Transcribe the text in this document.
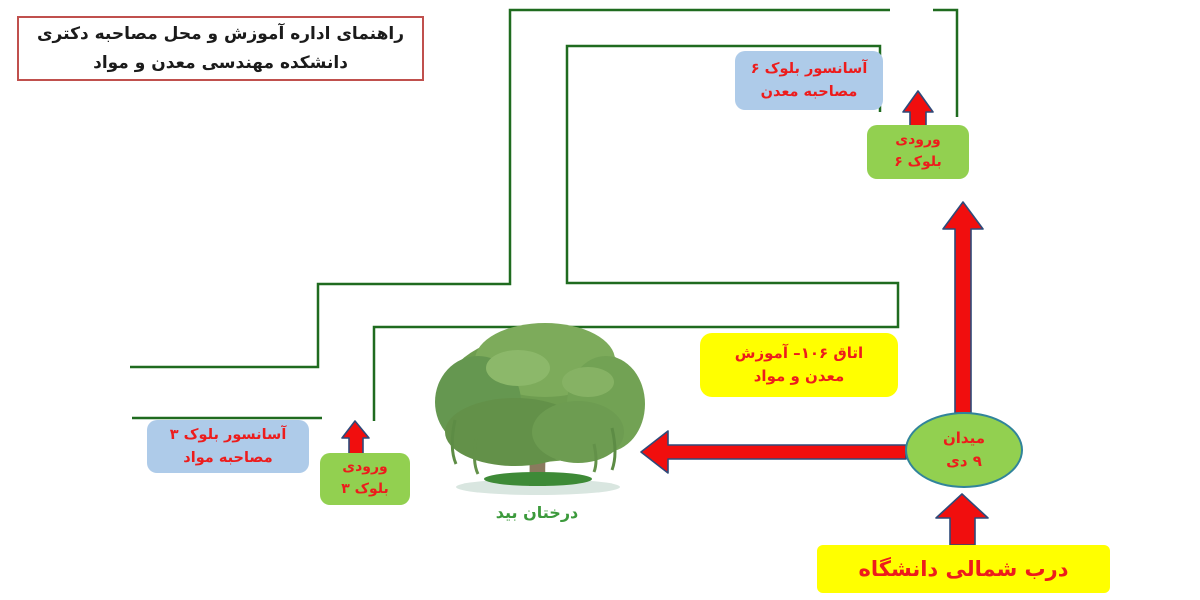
راهنمای اداره آموزش و محل مصاحبه دکتری
دانشکده مهندسی معدن و مواد	آسانسور بلوک ۶
مصاحبه معدن
ورودی
بلوک ۶
اتاق ۱۰۶– آموزش
معدن و مواد
آسانسور بلوک ۳
مصاحبه مواد
ورودی
بلوک ۳
میدان
۹ دی
درب شمالی دانشگاه
درختان بید
